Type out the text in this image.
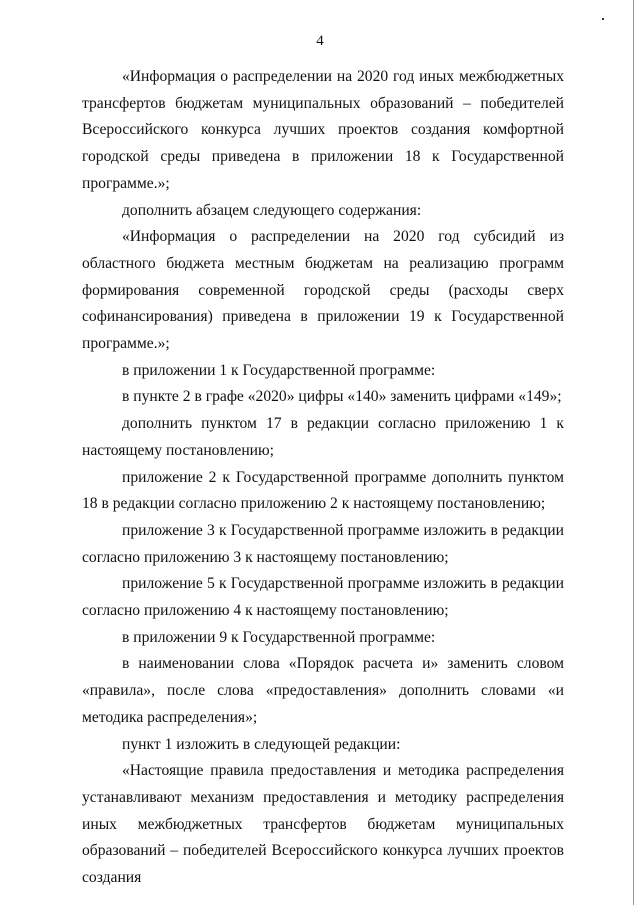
4

«Информация о распределении на 2020 год иных межбюджетных трансфертов бюджетам муниципальных образований – победителей Всероссийского конкурса лучших проектов создания комфортной городской среды приведена в приложении 18 к Государственной программе.»;

дополнить абзацем следующего содержания:

«Информация о распределении на 2020 год субсидий из областного бюджета местным бюджетам на реализацию программ формирования современной городской среды (расходы сверх софинансирования) приведена в приложении 19 к Государственной программе.»;

в приложении 1 к Государственной программе:

в пункте 2 в графе «2020» цифры «140» заменить цифрами «149»;

дополнить пунктом 17 в редакции согласно приложению 1 к настоящему постановлению;

приложение 2 к Государственной программе дополнить пунктом 18 в редакции согласно приложению 2 к настоящему постановлению;

приложение 3 к Государственной программе изложить в редакции согласно приложению 3 к настоящему постановлению;

приложение 5 к Государственной программе изложить в редакции согласно приложению 4 к настоящему постановлению;

в приложении 9 к Государственной программе:

в наименовании слова «Порядок расчета и» заменить словом «правила», после слова «предоставления» дополнить словами «и методика распределения»;

пункт 1 изложить в следующей редакции:

«Настоящие правила предоставления и методика распределения устанавливают механизм предоставления и методику распределения иных межбюджетных трансфертов бюджетам муниципальных образований – победителей Всероссийского конкурса лучших проектов создания
